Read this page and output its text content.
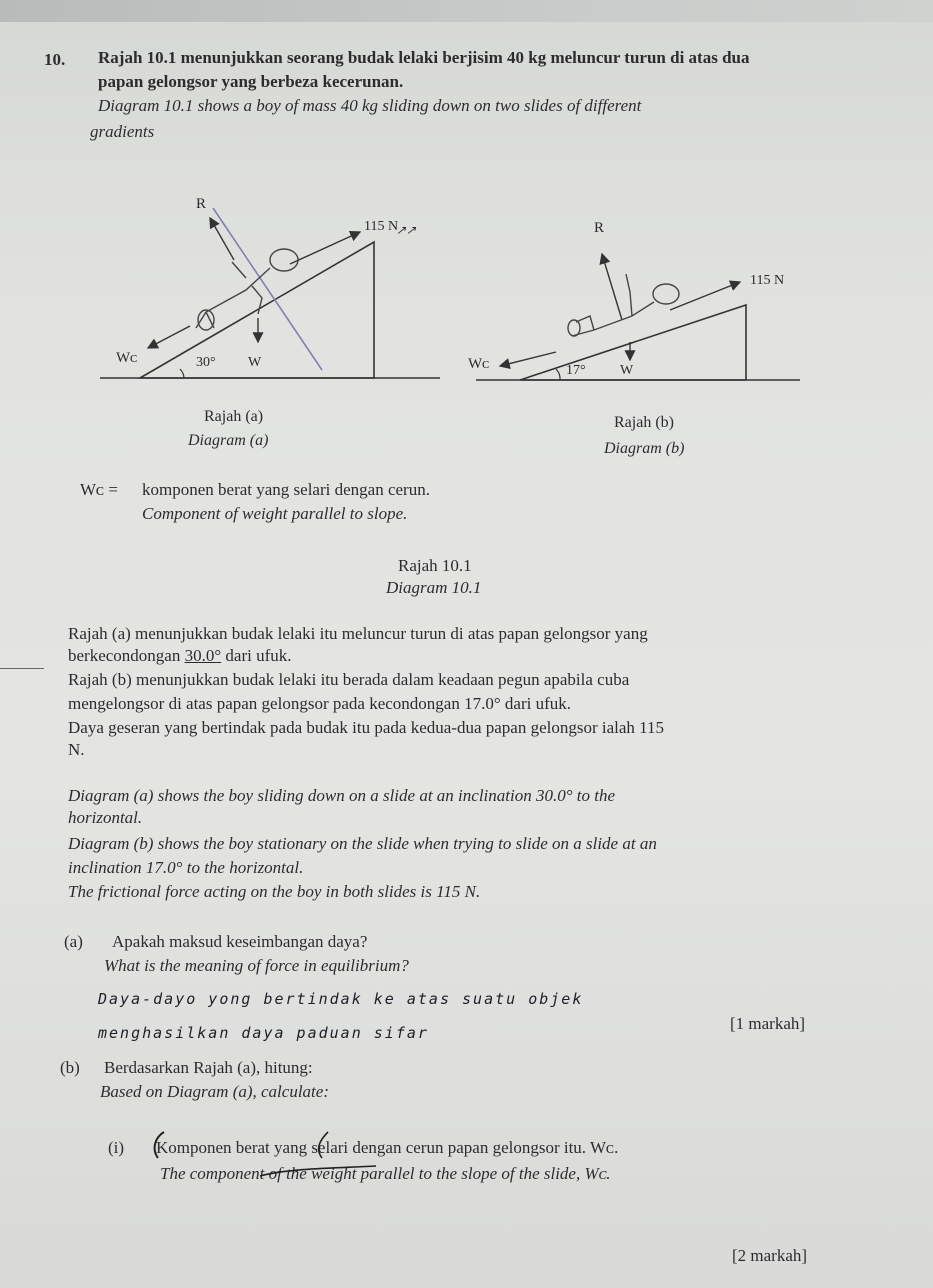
10. Rajah 10.1 menunjukkan seorang budak lelaki berjisim 40 kg meluncur turun di atas dua
papan gelongsor yang berbeza kecerunan.
Diagram 10.1 shows a boy of mass 40 kg sliding down on two slides of different
gradients
R
115 N
↗↗
Wᴄ	30° W
R
115 N
Wᴄ	17° W
Rajah (a)
Diagram (a)
Rajah (b)
Diagram (b)
Wᴄ = komponen berat yang selari dengan cerun.
Component of weight parallel to slope.
Rajah 10.1
Diagram 10.1
Rajah (a) menunjukkan budak lelaki itu meluncur turun di atas papan gelongsor yang
berkecondongan 30.0° dari ufuk.
Rajah (b) menunjukkan budak lelaki itu berada dalam keadaan pegun apabila cuba
mengelongsor di atas papan gelongsor pada kecondongan 17.0° dari ufuk.
Daya geseran yang bertindak pada budak itu pada kedua-dua papan gelongsor ialah 115
N.
Diagram (a) shows the boy sliding down on a slide at an inclination 30.0° to the
horizontal.
Diagram (b) shows the boy stationary on the slide when trying to slide on a slide at an
inclination 17.0° to the horizontal.
The frictional force acting on the boy in both slides is 115 N.
(a) Apakah maksud keseimbangan daya?
What is the meaning of force in equilibrium?
Daya-dayo yong bertindak ke atas suatu objek
menghasilkan daya paduan sifar	[1 markah]
(b) Berdasarkan Rajah (a), hitung:
Based on Diagram (a), calculate:
(i) Komponen berat yang selari dengan cerun papan gelongsor itu. Wᴄ.
The component of the weight parallel to the slope of the slide, Wᴄ.
[2 markah]
